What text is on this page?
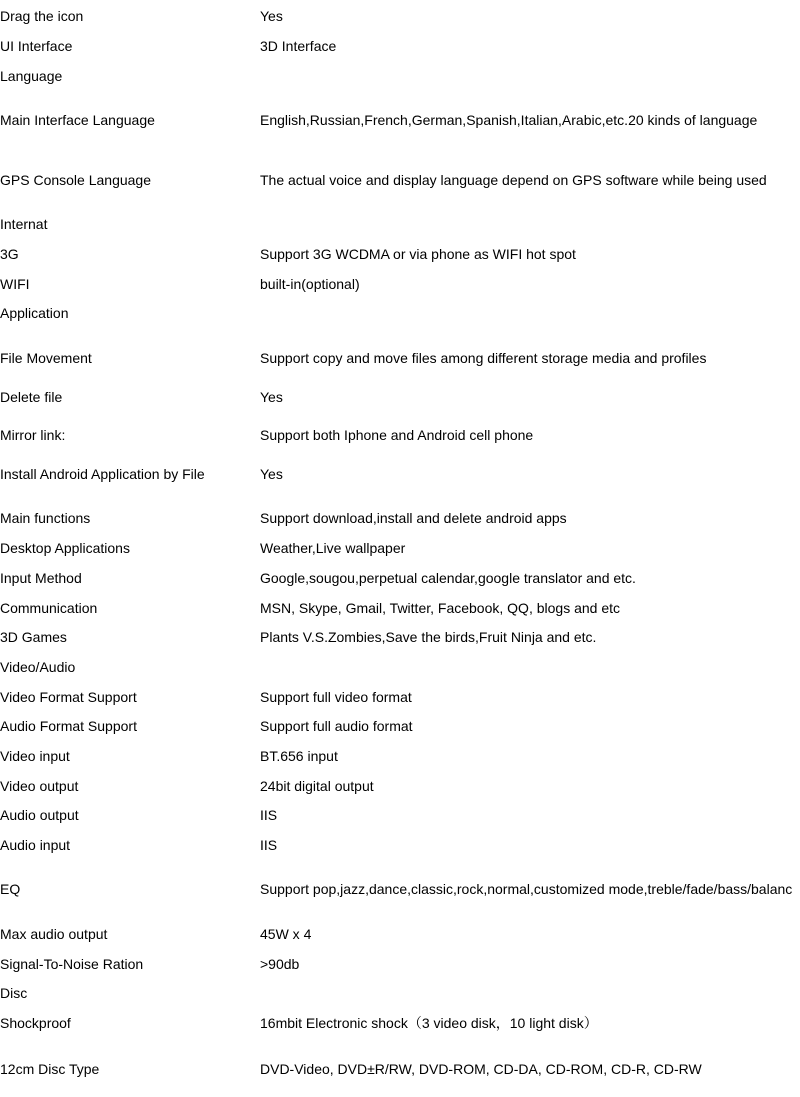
Drag the icon	Yes
UI Interface	3D Interface
Language
Main Interface Language	English,Russian,French,German,Spanish,Italian,Arabic,etc.20 kinds of language
GPS Console Language	The actual voice and display language depend on GPS software while being used
Internat
3G	Support 3G WCDMA or via phone as WIFI hot spot
WIFI	built-in(optional)
Application
File Movement	Support copy and move files among different storage media and profiles
Delete file	Yes
Mirror link:	Support both Iphone and Android cell phone
Install Android Application by File	Yes
Main functions	Support download,install and delete android apps
Desktop Applications	Weather,Live wallpaper
Input Method	Google,sougou,perpetual calendar,google translator and etc.
Communication	MSN, Skype, Gmail, Twitter, Facebook, QQ, blogs and etc
3D Games	Plants V.S.Zombies,Save the birds,Fruit Ninja and etc.
Video/Audio
Video Format Support	Support full video format
Audio Format Support	Support full audio format
Video input	BT.656 input
Video output	24bit digital output
Audio output	IIS
Audio input	IIS
EQ	Support pop,jazz,dance,classic,rock,normal,customized mode,treble/fade/bass/balanc
Max audio output	45W x 4
Signal-To-Noise Ration	>90db
Disc
Shockproof	16mbit Electronic shock（3 video disk，10 light disk）
12cm Disc Type	DVD-Video, DVD±R/RW, DVD-ROM, CD-DA, CD-ROM, CD-R, CD-RW
